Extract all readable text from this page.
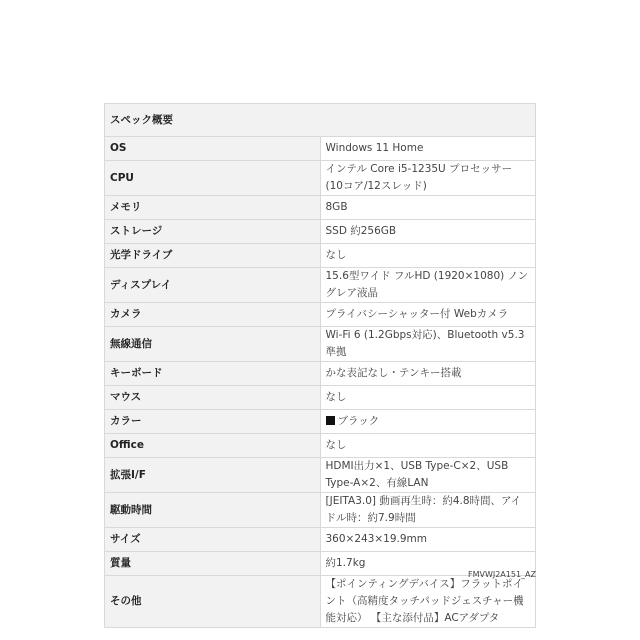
スペック概要	
OS	Windows 11 Home
CPU	インテル Core i5-1235U プロセッサー (10コア/12スレッド)
メモリ	8GB
ストレージ	SSD 約256GB
光学ドライブ	なし
ディスプレイ	15.6型ワイド フルHD (1920×1080) ノングレア液晶
カメラ	プライバシーシャッター付 Webカメラ
無線通信	Wi-Fi 6 (1.2Gbps対応)、Bluetooth v5.3準拠
キーボード	かな表記なし・テンキー搭載
マウス	なし
カラー	ブラック
Office	なし
拡張I/F	HDMI出力×1、USB Type-C×2、USB Type-A×2、有線LAN
駆動時間	[JEITA3.0] 動画再生時：約4.8時間、アイドル時：約7.9時間
サイズ	360×243×19.9mm
質量	約1.7kg
その他	【ポインティングデバイス】フラットポイント（高精度タッチパッドジェスチャー機能対応） 【主な添付品】ACアダプタ
FMVWJ2A151_AZ
